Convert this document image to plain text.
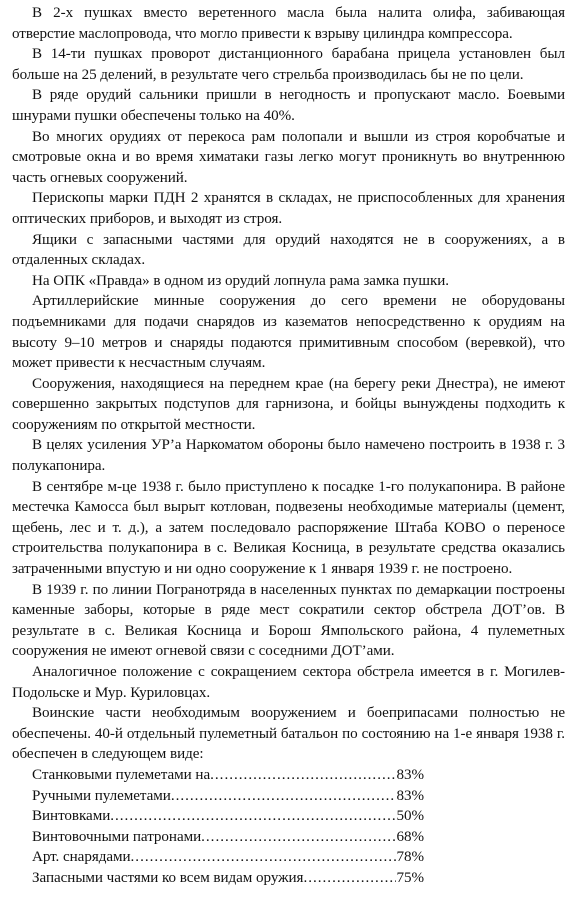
В 2-х пушках вместо веретенного масла была налита олифа, забивающая отверстие маслопровода, что могло привести к взрыву цилиндра компрессора.

В 14-ти пушках проворот дистанционного барабана прицела установлен был больше на 25 делений, в результате чего стрельба производилась бы не по цели.

В ряде орудий сальники пришли в негодность и пропускают масло. Боевыми шнурами пушки обеспечены только на 40%.

Во многих орудиях от перекоса рам полопали и вышли из строя коробчатые и смотровые окна и во время химатаки газы легко могут проникнуть во внутреннюю часть огневых сооружений.

Перископы марки ПДН 2 хранятся в складах, не приспособленных для хранения оптических приборов, и выходят из строя.

Ящики с запасными частями для орудий находятся не в сооружениях, а в отдаленных складах.

На ОПК «Правда» в одном из орудий лопнула рама замка пушки.

Артиллерийские минные сооружения до сего времени не оборудованы подъемниками для подачи снарядов из казематов непосредственно к орудиям на высоту 9–10 метров и снаряды подаются примитивным способом (веревкой), что может привести к несчастным случаям.

Сооружения, находящиеся на переднем крае (на берегу реки Днестра), не имеют совершенно закрытых подступов для гарнизона, и бойцы вынуждены подходить к сооружениям по открытой местности.

В целях усиления УР’а Наркоматом обороны было намечено построить в 1938 г. 3 полукапонира.

В сентябре м-це 1938 г. было приступлено к посадке 1-го полукапонира. В районе местечка Камосса был вырыт котлован, подвезены необходимые материалы (цемент, щебень, лес и т. д.), а затем последовало распоряжение Штаба КОВО о переносе строительства полукапонира в с. Великая Косница, в результате средства оказались затраченными впустую и ни одно сооружение к 1 января 1939 г. не построено.

В 1939 г. по линии Погранотряда в населенных пунктах по демаркации построены каменные заборы, которые в ряде мест сократили сектор обстрела ДОТ’ов. В результате в с. Великая Косница и Борош Ямпольского района, 4 пулеметных сооружения не имеют огневой связи с соседними ДОТ’ами.

Аналогичное положение с сокращением сектора обстрела имеется в г. Могилев-Подольске и Мур. Куриловцах.

Воинские части необходимым вооружением и боеприпасами полностью не обеспечены. 40-й отдельный пулеметный батальон по состоянию на 1-е января 1938 г. обеспечен в следующем виде:

Станковыми пулеметами на .....	83%
Ручными пулеметами .....	83%
Винтовками .....	50%
Винтовочными патронами .....	68%
Арт. снарядами .....	78%
Запасными частями ко всем видам оружия .....	75%
